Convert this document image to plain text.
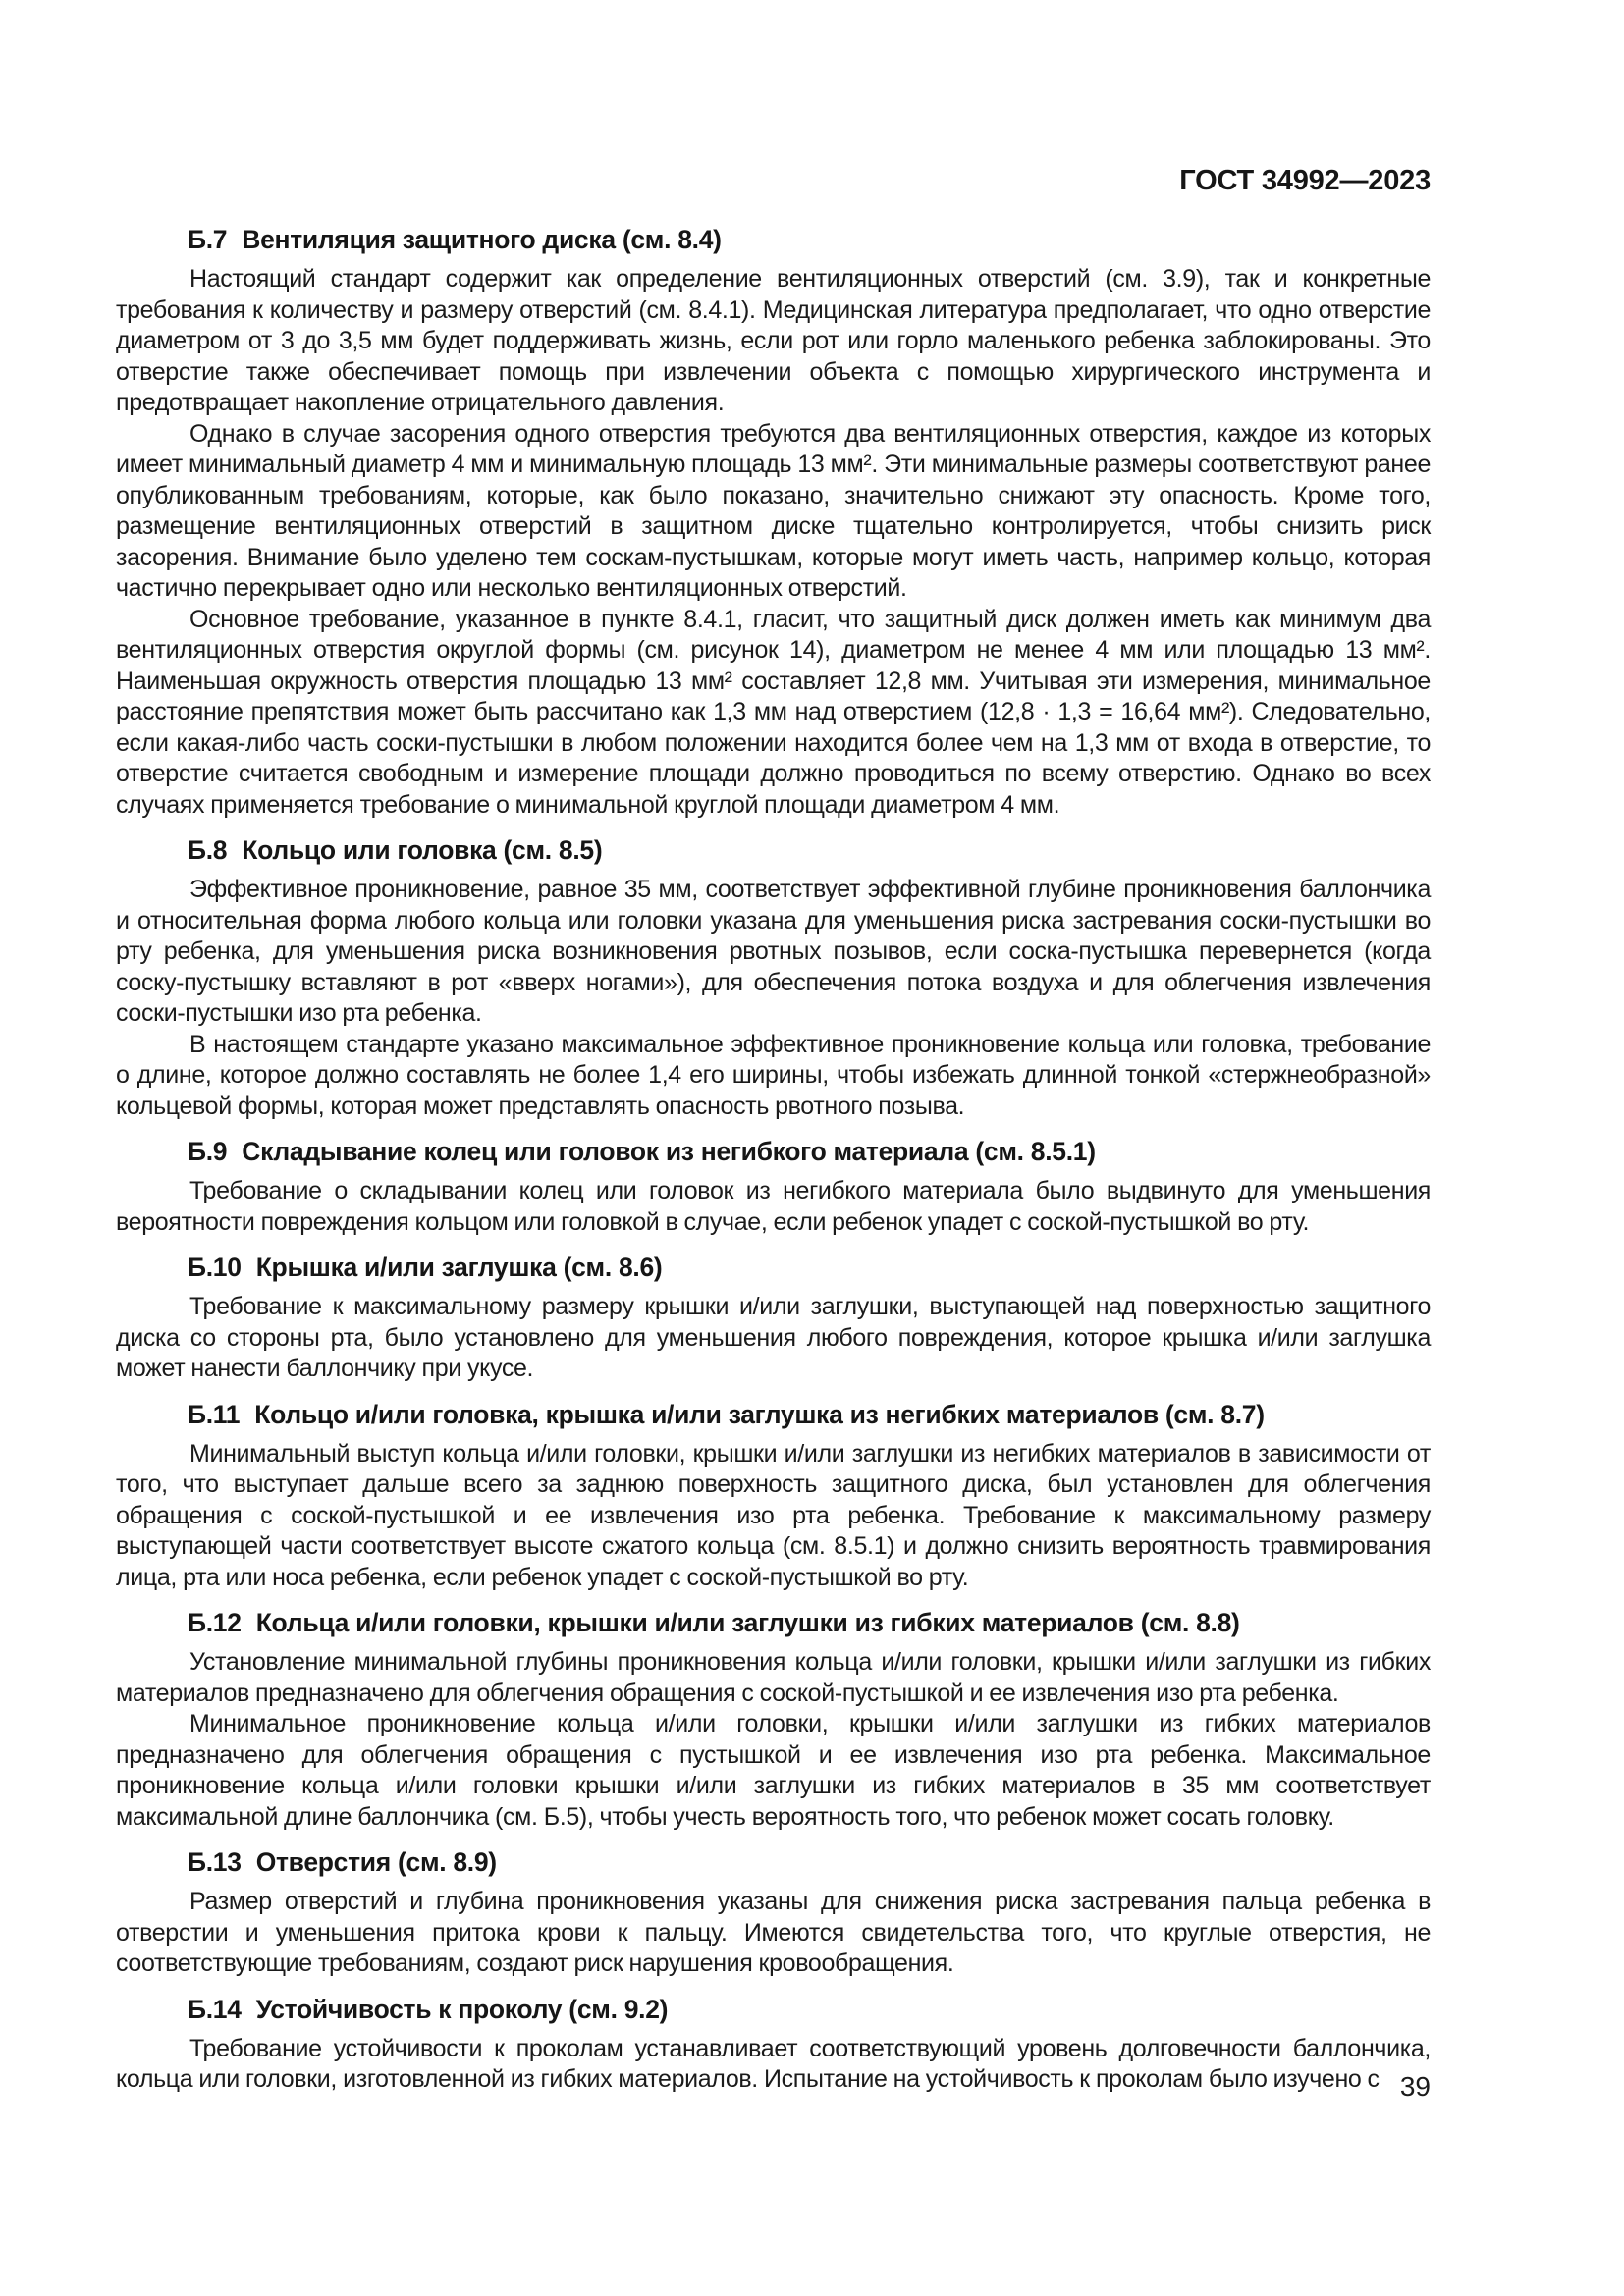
ГОСТ 34992—2023
Б.7 Вентиляция защитного диска (см. 8.4)

Настоящий стандарт содержит как определение вентиляционных отверстий (см. 3.9), так и конкретные требования к количеству и размеру отверстий (см. 8.4.1). Медицинская литература предполагает, что одно отверстие диаметром от 3 до 3,5 мм будет поддерживать жизнь, если рот или горло маленького ребенка заблокированы. Это отверстие также обеспечивает помощь при извлечении объекта с помощью хирургического инструмента и предотвращает накопление отрицательного давления.

Однако в случае засорения одного отверстия требуются два вентиляционных отверстия, каждое из которых имеет минимальный диаметр 4 мм и минимальную площадь 13 мм². Эти минимальные размеры соответствуют ранее опубликованным требованиям, которые, как было показано, значительно снижают эту опасность. Кроме того, размещение вентиляционных отверстий в защитном диске тщательно контролируется, чтобы снизить риск засорения. Внимание было уделено тем соскам-пустышкам, которые могут иметь часть, например кольцо, которая частично перекрывает одно или несколько вентиляционных отверстий.

Основное требование, указанное в пункте 8.4.1, гласит, что защитный диск должен иметь как минимум два вентиляционных отверстия округлой формы (см. рисунок 14), диаметром не менее 4 мм или площадью 13 мм². Наименьшая окружность отверстия площадью 13 мм² составляет 12,8 мм. Учитывая эти измерения, минимальное расстояние препятствия может быть рассчитано как 1,3 мм над отверстием (12,8 · 1,3 = 16,64 мм²). Следовательно, если какая-либо часть соски-пустышки в любом положении находится более чем на 1,3 мм от входа в отверстие, то отверстие считается свободным и измерение площади должно проводиться по всему отверстию. Однако во всех случаях применяется требование о минимальной круглой площади диаметром 4 мм.

Б.8 Кольцо или головка (см. 8.5)

Эффективное проникновение, равное 35 мм, соответствует эффективной глубине проникновения баллончика и относительная форма любого кольца или головки указана для уменьшения риска застревания соски-пустышки во рту ребенка, для уменьшения риска возникновения рвотных позывов, если соска-пустышка перевернется (когда соску-пустышку вставляют в рот «вверх ногами»), для обеспечения потока воздуха и для облегчения извлечения соски-пустышки изо рта ребенка.

В настоящем стандарте указано максимальное эффективное проникновение кольца или головка, требование о длине, которое должно составлять не более 1,4 его ширины, чтобы избежать длинной тонкой «стержнеобразной» кольцевой формы, которая может представлять опасность рвотного позыва.

Б.9 Складывание колец или головок из негибкого материала (см. 8.5.1)

Требование о складывании колец или головок из негибкого материала было выдвинуто для уменьшения вероятности повреждения кольцом или головкой в случае, если ребенок упадет с соской-пустышкой во рту.

Б.10 Крышка и/или заглушка (см. 8.6)

Требование к максимальному размеру крышки и/или заглушки, выступающей над поверхностью защитного диска со стороны рта, было установлено для уменьшения любого повреждения, которое крышка и/или заглушка может нанести баллончику при укусе.

Б.11 Кольцо и/или головка, крышка и/или заглушка из негибких материалов (см. 8.7)

Минимальный выступ кольца и/или головки, крышки и/или заглушки из негибких материалов в зависимости от того, что выступает дальше всего за заднюю поверхность защитного диска, был установлен для облегчения обращения с соской-пустышкой и ее извлечения изо рта ребенка. Требование к максимальному размеру выступающей части соответствует высоте сжатого кольца (см. 8.5.1) и должно снизить вероятность травмирования лица, рта или носа ребенка, если ребенок упадет с соской-пустышкой во рту.

Б.12 Кольца и/или головки, крышки и/или заглушки из гибких материалов (см. 8.8)

Установление минимальной глубины проникновения кольца и/или головки, крышки и/или заглушки из гибких материалов предназначено для облегчения обращения с соской-пустышкой и ее извлечения изо рта ребенка.

Минимальное проникновение кольца и/или головки, крышки и/или заглушки из гибких материалов предназначено для облегчения обращения с пустышкой и ее извлечения изо рта ребенка. Максимальное проникновение кольца и/или головки крышки и/или заглушки из гибких материалов в 35 мм соответствует максимальной длине баллончика (см. Б.5), чтобы учесть вероятность того, что ребенок может сосать головку.

Б.13 Отверстия (см. 8.9)

Размер отверстий и глубина проникновения указаны для снижения риска застревания пальца ребенка в отверстии и уменьшения притока крови к пальцу. Имеются свидетельства того, что круглые отверстия, не соответствующие требованиям, создают риск нарушения кровообращения.

Б.14 Устойчивость к проколу (см. 9.2)

Требование устойчивости к проколам устанавливает соответствующий уровень долговечности баллончика, кольца или головки, изготовленной из гибких материалов. Испытание на устойчивость к проколам было изучено с 39
